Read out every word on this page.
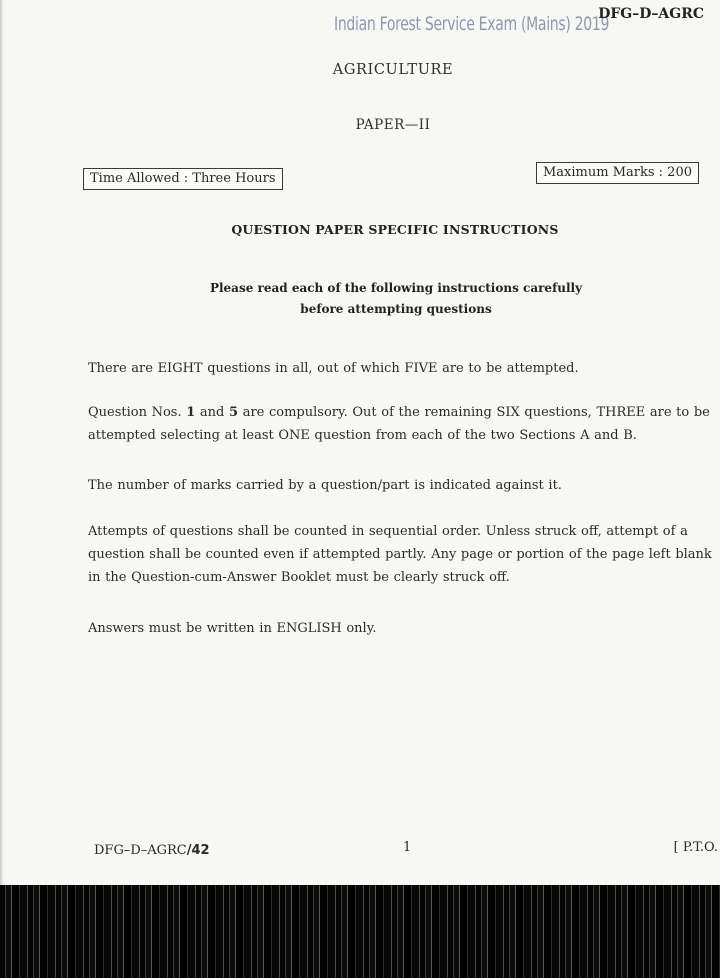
Indian Forest Service Exam (Mains) 2019
DFG–D–AGRC
AGRICULTURE
PAPER—II
Time Allowed : Three Hours	Maximum Marks : 200
QUESTION PAPER SPECIFIC INSTRUCTIONS
Please read each of the following instructions carefully
before attempting questions
There are EIGHT questions in all, out of which FIVE are to be attempted.
Question Nos. 1 and 5 are compulsory. Out of the remaining SIX questions, THREE are to be attempted selecting at least ONE question from each of the two Sections A and B.
The number of marks carried by a question/part is indicated against it.
Attempts of questions shall be counted in sequential order. Unless struck off, attempt of a question shall be counted even if attempted partly. Any page or portion of the page left blank in the Question-cum-Answer Booklet must be clearly struck off.
Answers must be written in ENGLISH only.
DFG–D–AGRC/42	1	[ P.T.O.
